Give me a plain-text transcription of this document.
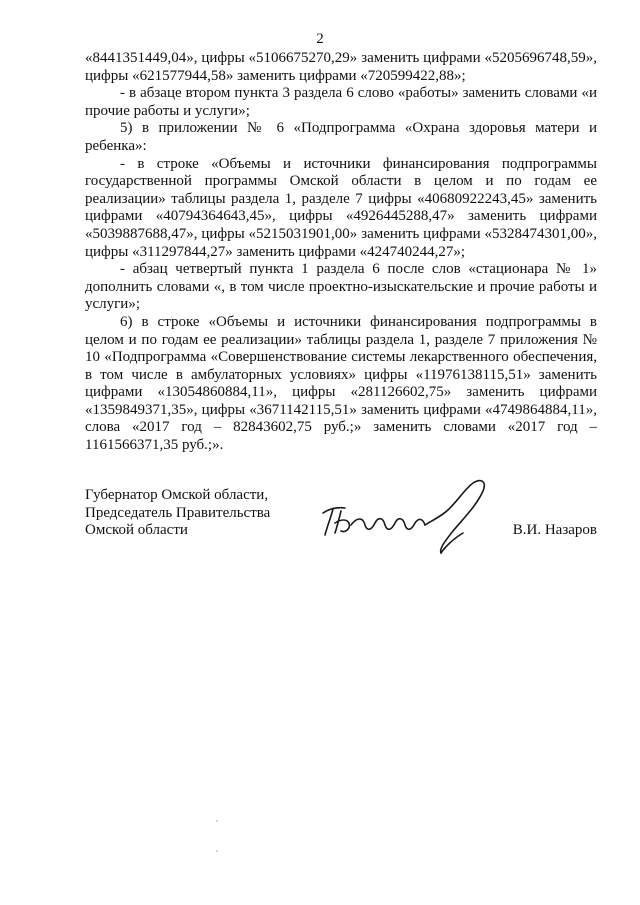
2

«8441351449,04», цифры «5106675270,29» заменить цифрами «5205696748,59», цифры «621577944,58» заменить цифрами «720599422,88»;

- в абзаце втором пункта 3 раздела 6 слово «работы» заменить словами «и прочие работы и услуги»;

5) в приложении № 6 «Подпрограмма «Охрана здоровья матери и ребенка»:

- в строке «Объемы и источники финансирования подпрограммы государственной программы Омской области в целом и по годам ее реализации» таблицы раздела 1, разделе 7 цифры «40680922243,45» заменить цифрами «40794364643,45», цифры «4926445288,47» заменить цифрами «5039887688,47», цифры «5215031901,00» заменить цифрами «5328474301,00», цифры «311297844,27» заменить цифрами «424740244,27»;

- абзац четвертый пункта 1 раздела 6 после слов «стационара № 1» дополнить словами «, в том числе проектно-изыскательские и прочие работы и услуги»;

6) в строке «Объемы и источники финансирования подпрограммы в целом и по годам ее реализации» таблицы раздела 1, разделе 7 приложения № 10 «Подпрограмма «Совершенствование системы лекарственного обеспечения, в том числе в амбулаторных условиях» цифры «11976138115,51» заменить цифрами «13054860884,11», цифры «281126602,75» заменить цифрами «1359849371,35», цифры «3671142115,51» заменить цифрами «4749864884,11», слова «2017 год – 82843602,75 руб.;» заменить словами «2017 год – 1161566371,35 руб.;».

Губернатор Омской области,
Председатель Правительства
Омской области	В.И. Назаров
